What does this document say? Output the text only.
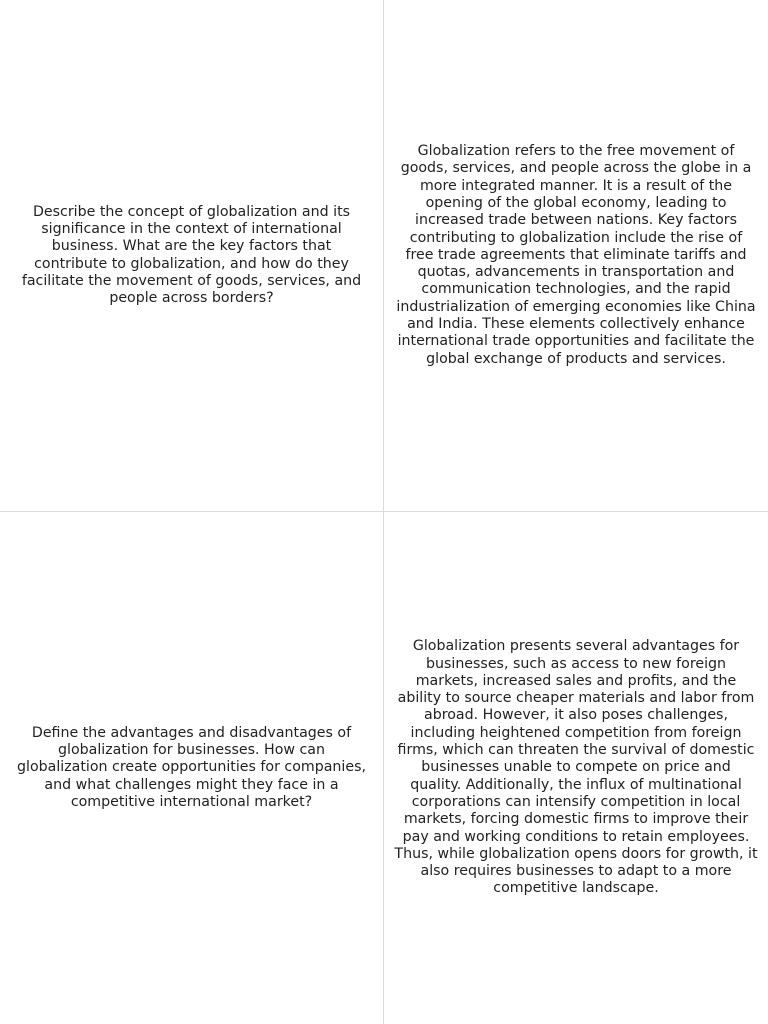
Describe the concept of globalization and its significance in the context of international business. What are the key factors that contribute to globalization, and how do they facilitate the movement of goods, services, and people across borders?

Globalization refers to the free movement of goods, services, and people across the globe in a more integrated manner. It is a result of the opening of the global economy, leading to increased trade between nations. Key factors contributing to globalization include the rise of free trade agreements that eliminate tariffs and quotas, advancements in transportation and communication technologies, and the rapid industrialization of emerging economies like China and India. These elements collectively enhance international trade opportunities and facilitate the global exchange of products and services.

Define the advantages and disadvantages of globalization for businesses. How can globalization create opportunities for companies, and what challenges might they face in a competitive international market?

Globalization presents several advantages for businesses, such as access to new foreign markets, increased sales and profits, and the ability to source cheaper materials and labor from abroad. However, it also poses challenges, including heightened competition from foreign firms, which can threaten the survival of domestic businesses unable to compete on price and quality. Additionally, the influx of multinational corporations can intensify competition in local markets, forcing domestic firms to improve their pay and working conditions to retain employees. Thus, while globalization opens doors for growth, it also requires businesses to adapt to a more competitive landscape.
